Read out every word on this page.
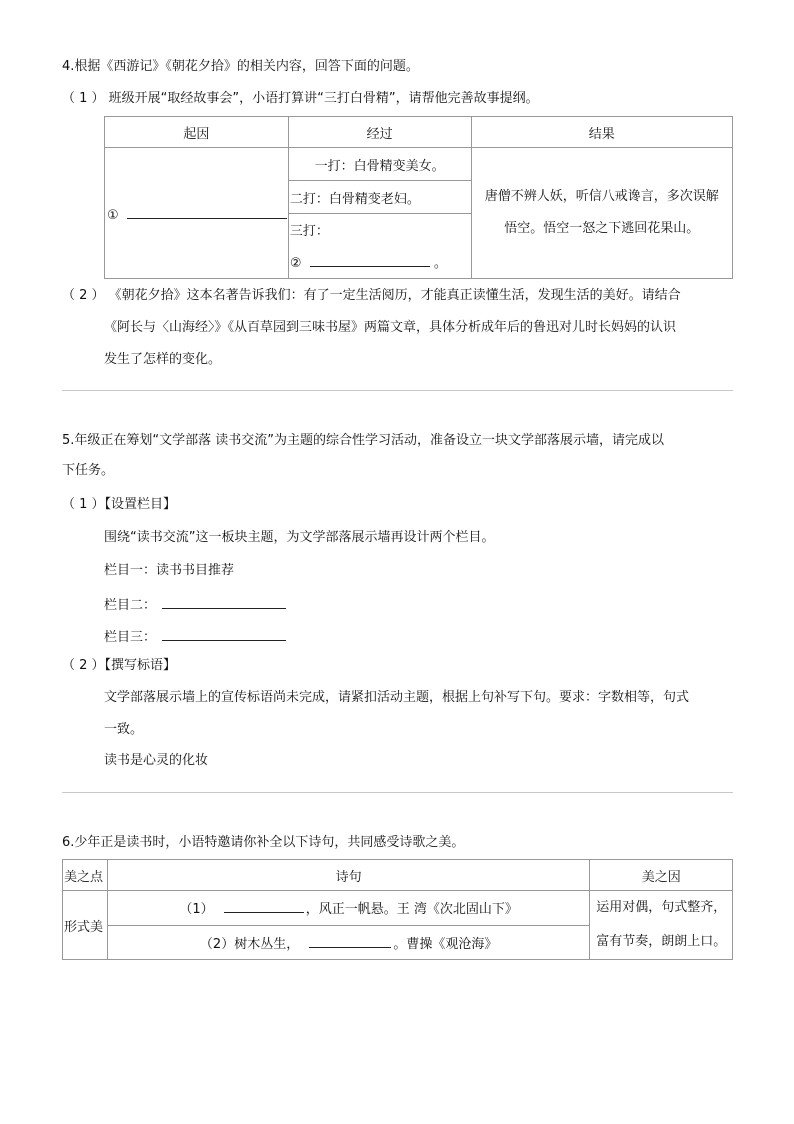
4.根据《西游记》《朝花夕拾》的相关内容，回答下面的问题。
（ 1 ） 班级开展“取经故事会”，小语打算讲“三打白骨精”，请帮他完善故事提纲。
起因	经过	结果
①	一打：白骨精变美女。	唐僧不辨人妖，听信八戒谗言，多次误解
悟空。悟空一怒之下逃回花果山。

	二打：白骨精变老妇。	
	三打：	
	② 。	
（ 2 ） 《朝花夕拾》这本名著告诉我们：有了一定生活阅历，才能真正读懂生活，发现生活的美好。请结合
《阿长与〈山海经〉》《从百草园到三味书屋》两篇文章，具体分析成年后的鲁迅对儿时长妈妈的认识
发生了怎样的变化。
5.年级正在筹划“文学部落 读书交流”为主题的综合性学习活动，准备设立一块文学部落展示墙，请完成以
下任务。
（ 1 ）【设置栏目】
围绕“读书交流”这一板块主题，为文学部落展示墙再设计两个栏目。
栏目一：读书书目推荐
栏目二：
栏目三：
（ 2 ）【撰写标语】
文学部落展示墙上的宣传标语尚未完成，请紧扣活动主题，根据上句补写下句。要求：字数相等，句式
一致。
读书是心灵的化妆
6.少年正是读书时，小语特邀请你补全以下诗句，共同感受诗歌之美。
美之点	诗句	美之因
形式美	（1） ，风正一帆悬。王 湾《次北固山下》	运用对偶，句式整齐，
富有节奏，朗朗上口。

	（2）树木丛生， 。曹操《观沧海》	
